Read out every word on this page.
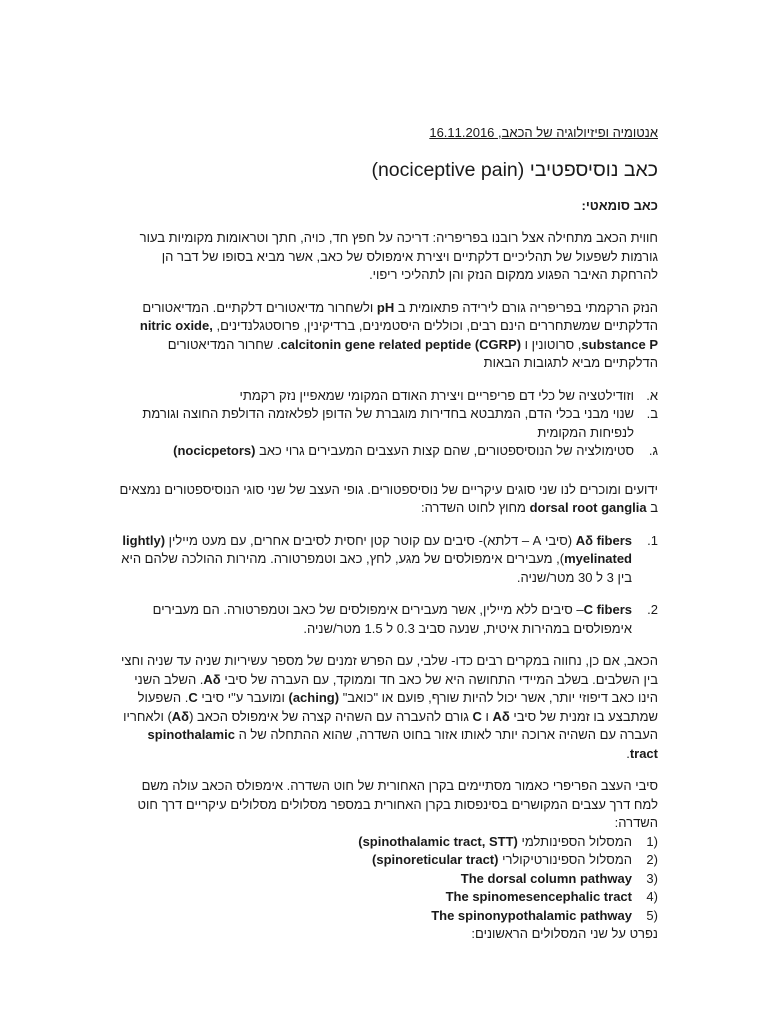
אנטומיה ופיזיולוגיה של הכאב, 16.11.2016
כאב נוסיספטיבי (nociceptive pain)
כאב סומאטי:

חווית הכאב מתחילה אצל רובנו בפריפריה: דריכה על חפץ חד, כויה, חתך וטראומות מקומיות בעור גורמות לשפעול של תהליכיים דלקתיים ויצירת אימפולס של כאב, אשר מביא בסופו של דבר הן להרחקת האיבר הפגוע ממקום הנזק והן לתהליכי ריפוי.

הנזק הרקמתי בפריפריה גורם לירידה פתאומית ב pH ולשחרור מדיאטורים דלקתיים. המדיאטורים הדלקתיים שמשתחררים הינם רבים, וכוללים היסטמינים, ברדיקינין, פרוסטגלנדינים, nitric oxide, substance P, סרוטונין ו calcitonin gene related peptide (CGRP). שחרור המדיאטורים הדלקתיים מביא לתגובות הבאות

א.
וזודילטציה של כלי דם פריפריים ויצירת האודם המקומי שמאפיין נזק רקמתי
ב.
שנוי מבני בכלי הדם, המתבטא בחדירות מוגברת של הדופן לפלאזמה הדולפת החוצה וגורמת לנפיחות המקומית
ג.
סטימולציה של הנוסיספטורים, שהם קצות העצבים המעבירים גרוי כאב (nocicpetors)

ידועים ומוכרים לנו שני סוגים עיקריים של נוסיספטורים. גופי העצב של שני סוגי הנוסיספטורים נמצאים ב dorsal root ganglia מחוץ לחוט השדרה:

1.
Aδ fibers (סיבי A – דלתא)- סיבים עם קוטר קטן יחסית לסיבים אחרים, עם מעט מיילין (lightly myelinated), מעבירים אימפולסים של מגע, לחץ, כאב וטמפרטורה. מהירות ההולכה שלהם היא בין 3 ל 30 מטר/שניה.
2.
C fibers– סיבים ללא מיילין, אשר מעבירים אימפולסים של כאב וטמפרטורה. הם מעבירים אימפולסים במהירות איטית, שנעה סביב 0.3 ל 1.5 מטר/שניה.

הכאב, אם כן, נחווה במקרים רבים כדו- שלבי, עם הפרש זמנים של מספר עשיריות שניה עד שניה וחצי בין השלבים. בשלב המיידי התחושה היא של כאב חד וממוקד, עם העברה של סיבי Aδ. השלב השני הינו כאב דיפוזי יותר, אשר יכול להיות שורף, פועם או "כואב" (aching) ומועבר ע"י סיבי C. השפעול שמתבצע בו זמנית של סיבי Aδ ו C גורם להעברה עם השהיה קצרה של אימפולס הכאב (Aδ) ולאחריו העברה עם השהיה ארוכה יותר לאותו אזור בחוט השדרה, שהוא ההתחלה של ה spinothalamic tract.

סיבי העצב הפריפרי כאמור מסתיימים בקרן האחורית של חוט השדרה. אימפולס הכאב עולה משם למח דרך עצבים המקושרים בסינפסות בקרן האחורית במספר מסלולים מסלולים עיקריים דרך חוט השדרה:

(1
המסלול הספינותלמי (spinothalamic tract, STT)
(2
המסלול הספינורטיקולרי (spinoreticular tract)
(3
The dorsal column pathway
(4
The spinomesencephalic tract
(5
The spinonypothalamic pathway
נפרט על שני המסלולים הראשונים:
